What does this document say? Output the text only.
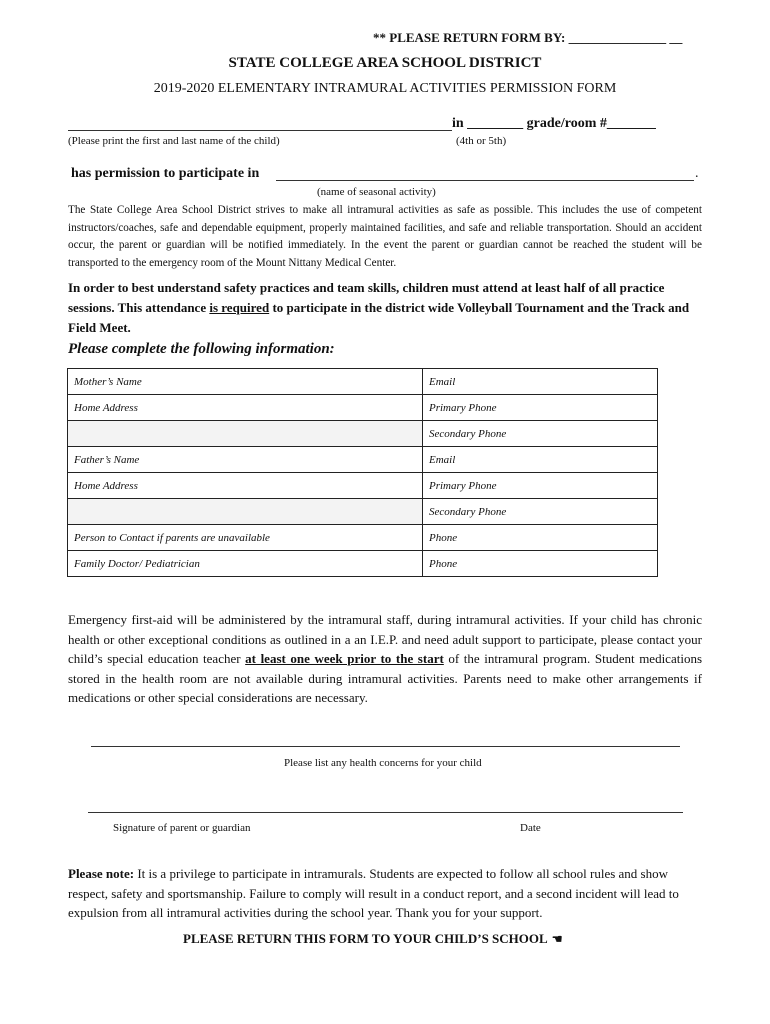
** PLEASE RETURN FORM BY: _______________ __
STATE COLLEGE AREA SCHOOL DISTRICT
2019-2020 ELEMENTARY INTRAMURAL ACTIVITIES PERMISSION FORM
in ________ grade/room #_______
(Please print the first and last name of the child)	(4th or 5th)
has permission to participate in	.
(name of seasonal activity)
The State College Area School District strives to make all intramural activities as safe as possible. This includes the use of competent instructors/coaches, safe and dependable equipment, properly maintained facilities, and safe and reliable transportation. Should an accident occur, the parent or guardian will be notified immediately. In the event the parent or guardian cannot be reached the student will be transported to the emergency room of the Mount Nittany Medical Center.
In order to best understand safety practices and team skills, children must attend at least half of all practice sessions. This attendance is required to participate in the district wide Volleyball Tournament and the Track and Field Meet.
Please complete the following information:
Mother’s Name	Email
Home Address	Primary Phone
	Secondary Phone
Father’s Name	Email
Home Address	Primary Phone
	Secondary Phone
Person to Contact if parents are unavailable	Phone
Family Doctor/ Pediatrician	Phone
Emergency first-aid will be administered by the intramural staff, during intramural activities. If your child has chronic health or other exceptional conditions as outlined in a an I.E.P. and need adult support to participate, please contact your child’s special education teacher at least one week prior to the start of the intramural program. Student medications stored in the health room are not available during intramural activities. Parents need to make other arrangements if medications or other special considerations are necessary.
Please list any health concerns for your child
Signature of parent or guardian	Date
Please note: It is a privilege to participate in intramurals. Students are expected to follow all school rules and show respect, safety and sportsmanship. Failure to comply will result in a conduct report, and a second incident will lead to expulsion from all intramural activities during the school year. Thank you for your support.
PLEASE RETURN THIS FORM TO YOUR CHILD’S SCHOOL ☚
